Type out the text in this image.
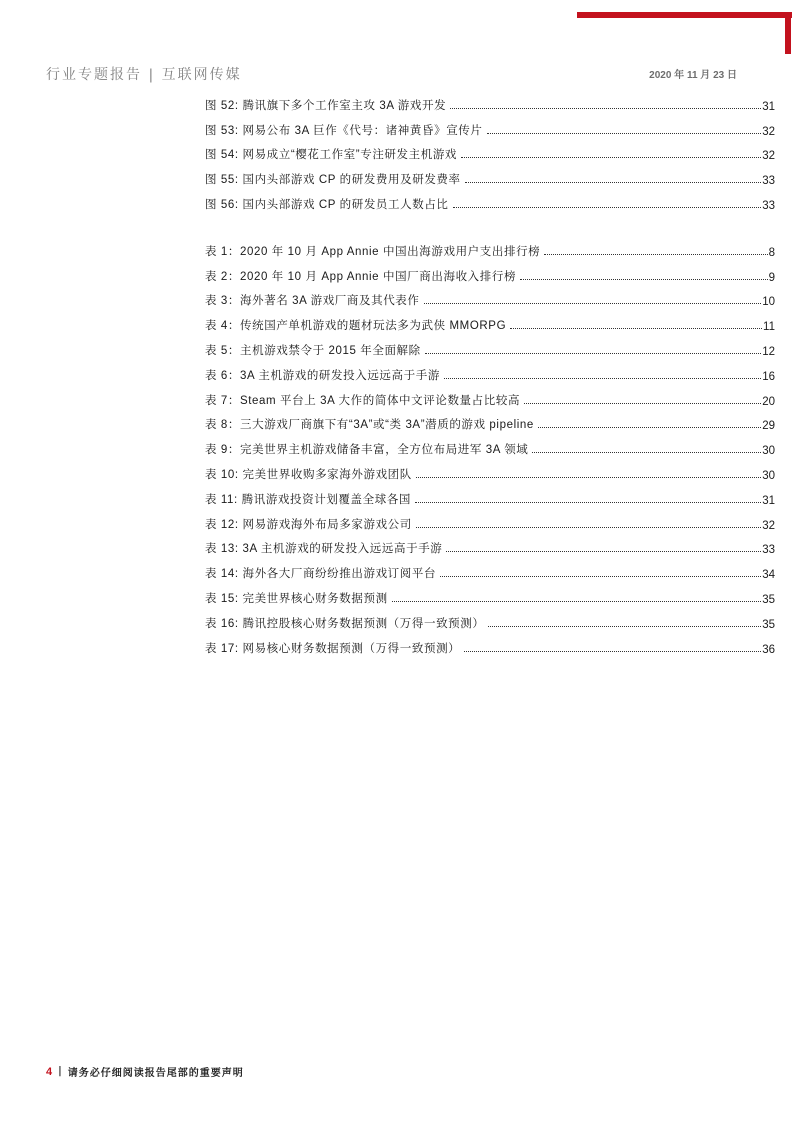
行业专题报告 | 互联网传媒	2020 年 11 月 23 日
图 52: 腾讯旗下多个工作室主攻 3A 游戏开发	31
图 53: 网易公布 3A 巨作《代号：诸神黄昏》宣传片	32
图 54: 网易成立“樱花工作室”专注研发主机游戏	32
图 55: 国内头部游戏 CP 的研发费用及研发费率	33
图 56: 国内头部游戏 CP 的研发员工人数占比	33
表 1：2020 年 10 月 App Annie 中国出海游戏用户支出排行榜	8
表 2：2020 年 10 月 App Annie 中国厂商出海收入排行榜	9
表 3：海外著名 3A 游戏厂商及其代表作	10
表 4：传统国产单机游戏的题材玩法多为武侠 MMORPG	11
表 5：主机游戏禁令于 2015 年全面解除	12
表 6：3A 主机游戏的研发投入远远高于手游	16
表 7：Steam 平台上 3A 大作的简体中文评论数量占比较高	20
表 8：三大游戏厂商旗下有“3A”或“类 3A”潜质的游戏 pipeline	29
表 9：完美世界主机游戏储备丰富，全方位布局进军 3A 领域	30
表 10: 完美世界收购多家海外游戏团队	30
表 11: 腾讯游戏投资计划覆盖全球各国	31
表 12: 网易游戏海外布局多家游戏公司	32
表 13: 3A 主机游戏的研发投入远远高于手游	33
表 14: 海外各大厂商纷纷推出游戏订阅平台	34
表 15: 完美世界核心财务数据预测	35
表 16: 腾讯控股核心财务数据预测（万得一致预测）	35
表 17: 网易核心财务数据预测（万得一致预测）	36
4 | 请务必仔细阅读报告尾部的重要声明
